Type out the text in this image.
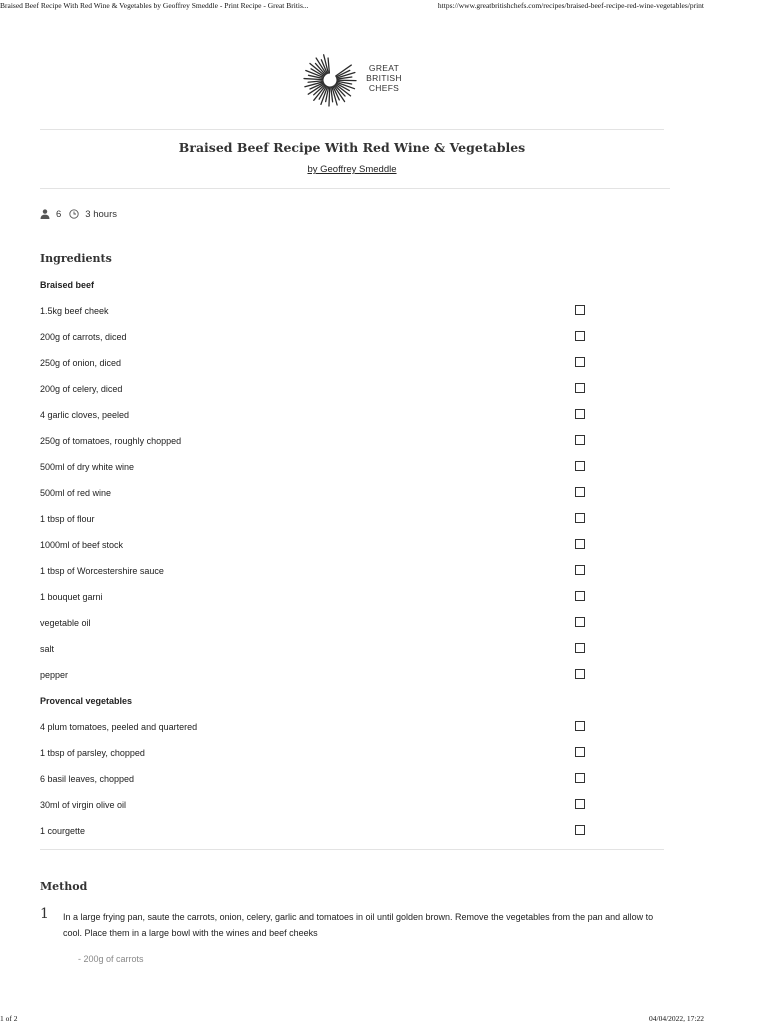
Braised Beef Recipe With Red Wine & Vegetables by Geoffrey Smeddle - Print Recipe - Great Britis...	https://www.greatbritishchefs.com/recipes/braised-beef-recipe-red-wine-vegetables/print
GREAT
BRITISH
CHEFS
Braised Beef Recipe With Red Wine & Vegetables
by Geoffrey Smeddle
6	3 hours
Ingredients
Braised beef
1.5kg beef cheek
200g of carrots, diced
250g of onion, diced
200g of celery, diced
4 garlic cloves, peeled
250g of tomatoes, roughly chopped
500ml of dry white wine
500ml of red wine
1 tbsp of flour
1000ml of beef stock
1 tbsp of Worcestershire sauce
1 bouquet garni
vegetable oil
salt
pepper
Provencal vegetables
4 plum tomatoes, peeled and quartered
1 tbsp of parsley, chopped
6 basil leaves, chopped
30ml of virgin olive oil
1 courgette
Method
1 In a large frying pan, saute the carrots, onion, celery, garlic and tomatoes in oil until golden brown. Remove the vegetables from the pan and allow to cool. Place them in a large bowl with the wines and beef cheeks

- 200g of carrots
1 of 2	04/04/2022, 17:22
